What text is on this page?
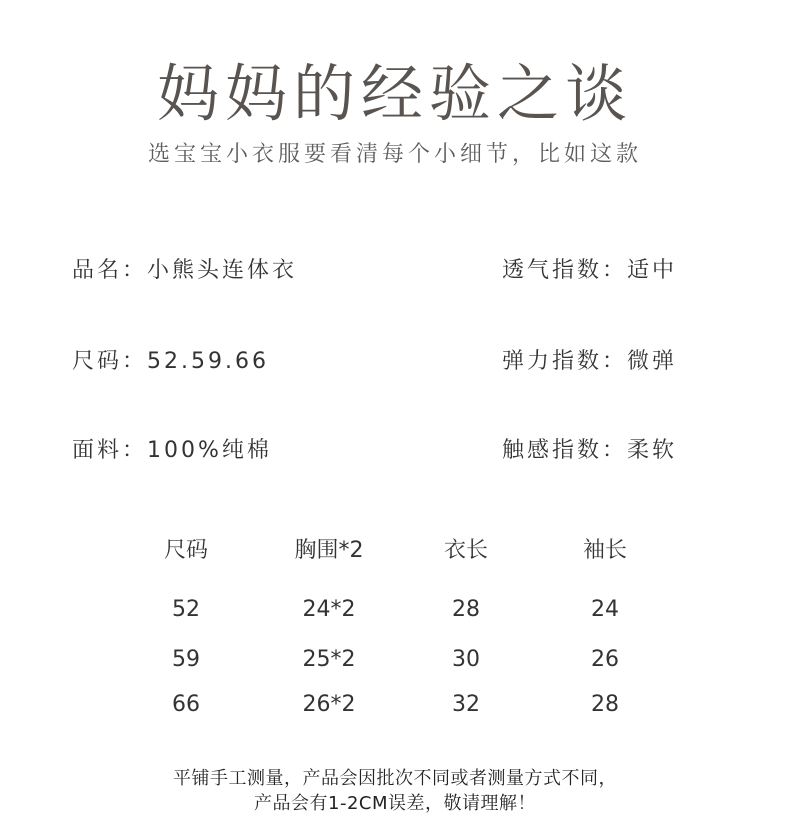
妈妈的经验之谈
选宝宝小衣服要看清每个小细节，比如这款
品名：小熊头连体衣
尺码：52.59.66
面料：100%纯棉
透气指数：适中
弹力指数：微弹
触感指数：柔软
尺码	胸围*2	衣长	袖长
52	24*2	28	24
59	25*2	30	26
66	26*2	32	28
平铺手工测量，产品会因批次不同或者测量方式不同，
产品会有1-2CM误差，敬请理解！
